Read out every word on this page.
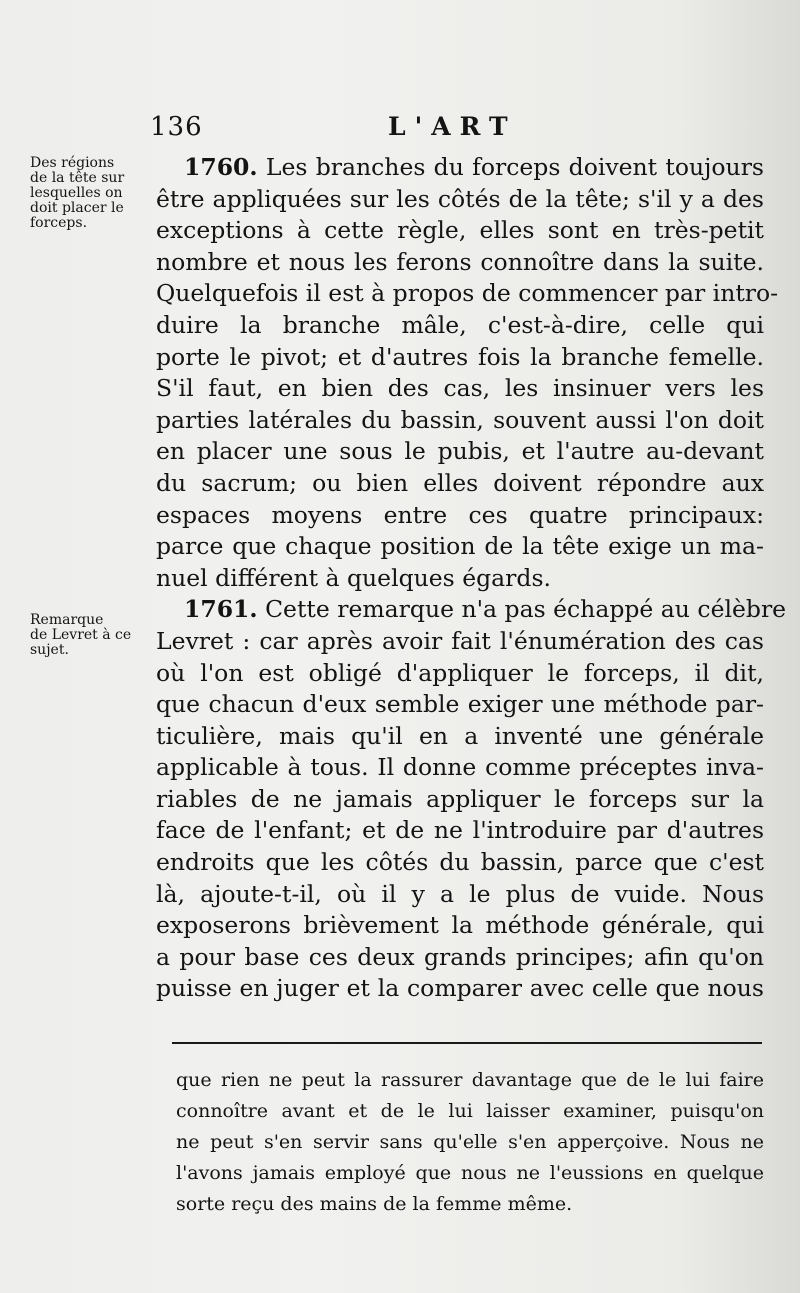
136	L'ART
Des régions
de la tête sur
lesquelles on
doit placer le
forceps.
Remarque
de Levret à ce
sujet.
1760. Les branches du forceps doivent toujours
être appliquées sur les côtés de la tête; s'il y a des
exceptions à cette règle, elles sont en très-petit
nombre et nous les ferons connoître dans la suite.
Quelquefois il est à propos de commencer par intro-
duire la branche mâle, c'est-à-dire, celle qui
porte le pivot; et d'autres fois la branche femelle.
S'il faut, en bien des cas, les insinuer vers les
parties latérales du bassin, souvent aussi l'on doit
en placer une sous le pubis, et l'autre au-devant
du sacrum; ou bien elles doivent répondre aux
espaces moyens entre ces quatre principaux:
parce que chaque position de la tête exige un ma-
nuel différent à quelques égards.
1761. Cette remarque n'a pas échappé au célèbre
Levret : car après avoir fait l'énumération des cas
où l'on est obligé d'appliquer le forceps, il dit,
que chacun d'eux semble exiger une méthode par-
ticulière, mais qu'il en a inventé une générale
applicable à tous. Il donne comme préceptes inva-
riables de ne jamais appliquer le forceps sur la
face de l'enfant; et de ne l'introduire par d'autres
endroits que les côtés du bassin, parce que c'est
là, ajoute-t-il, où il y a le plus de vuide. Nous
exposerons brièvement la méthode générale, qui
a pour base ces deux grands principes; afin qu'on
puisse en juger et la comparer avec celle que nous
que rien ne peut la rassurer davantage que de le lui faire
connoître avant et de le lui laisser examiner, puisqu'on
ne peut s'en servir sans qu'elle s'en apperçoive. Nous ne
l'avons jamais employé que nous ne l'eussions en quelque
sorte reçu des mains de la femme même.
